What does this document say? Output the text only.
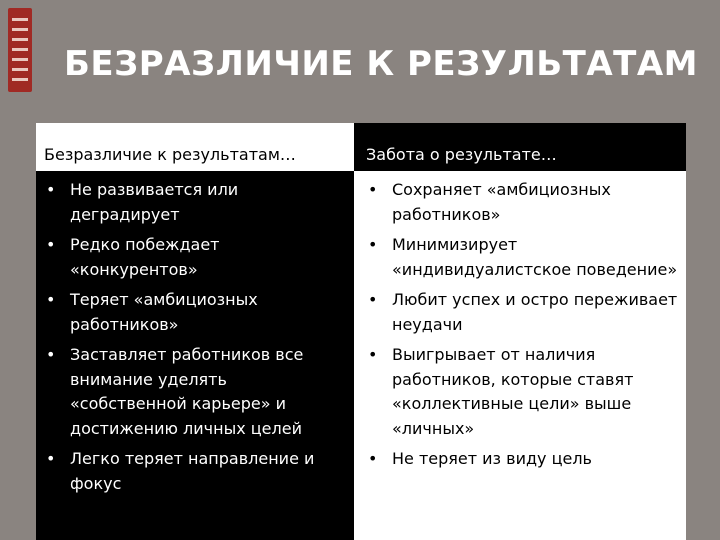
БЕЗРАЗЛИЧИЕ К РЕЗУЛЬТАТАМ
Безразличие к результатам…	Забота о результате…
• Не развивается или деградирует
• Редко побеждает «конкурентов»
• Теряет «амбициозных работников»
• Заставляет работников все внимание уделять «собственной карьере» и достижению личных целей
• Легко теряет направление и фокус
• Сохраняет «амбициозных работников»
• Минимизирует «индивидуалистское поведение»
• Любит успех и остро переживает неудачи
• Выигрывает от наличия работников, которые ставят «коллективные цели» выше «личных»
• Не теряет из виду цель
